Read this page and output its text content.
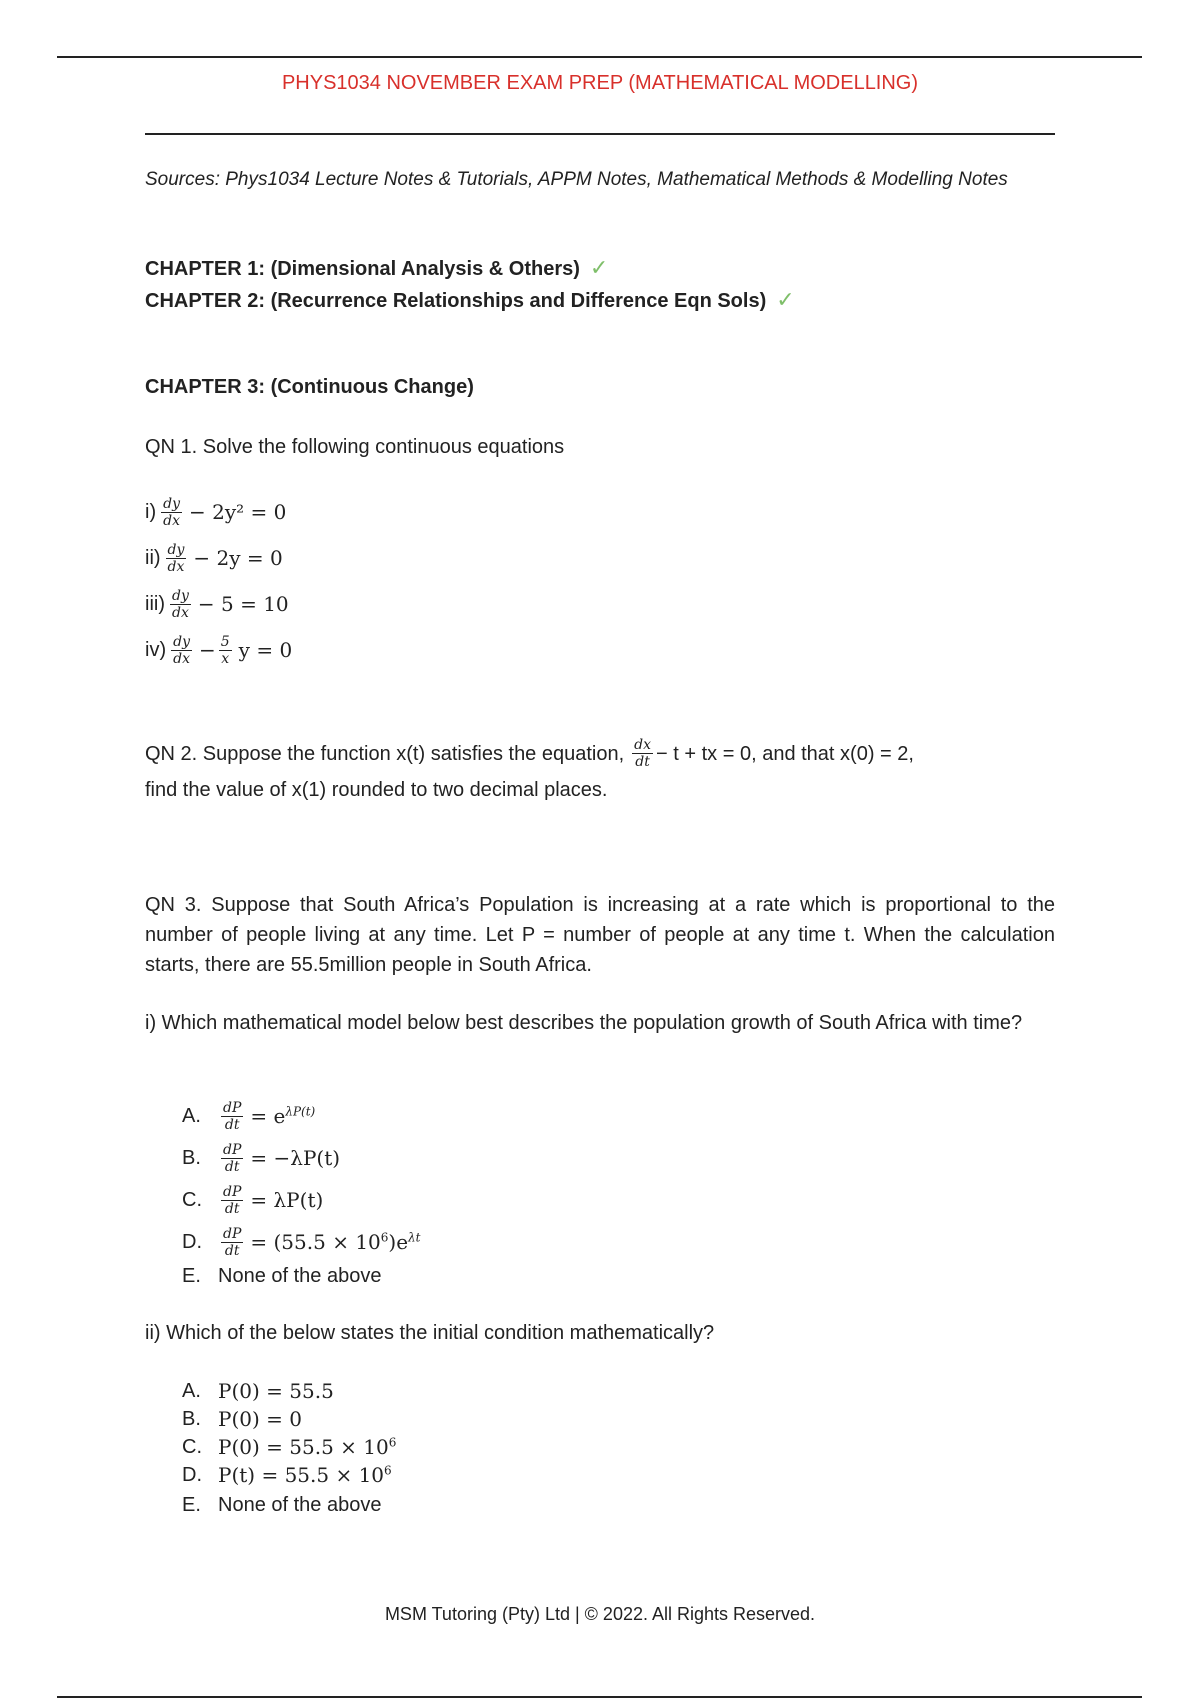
PHYS1034 NOVEMBER EXAM PREP (MATHEMATICAL MODELLING)
Sources: Phys1034 Lecture Notes & Tutorials, APPM Notes, Mathematical Methods & Modelling Notes
CHAPTER 1: (Dimensional Analysis & Others) ✓
CHAPTER 2: (Recurrence Relationships and Difference Eqn Sols) ✓
CHAPTER 3: (Continuous Change)
QN 1. Solve the following continuous equations
$i) \frac{dy}{dx} - 2y^2 = 0$
$ii) \frac{dy}{dx} - 2y = 0$
$iii) \frac{dy}{dx} - 5 = 10$
$iv) \frac{dy}{dx} - \frac{5}{x}$ y = 0
QN 2. Suppose the function x(t) satisfies the equation, $\frac{dx}{dt} - t$ + tx = 0, and that x(0) = 2,
find the value of x(1) rounded to two decimal places.
QN 3. Suppose that South Africa’s Population is increasing at a rate which is proportional to the number of people living at any time. Let P = number of people at any time t. When the calculation starts, there are 55.5million people in South Africa.
i) Which mathematical model below best describes the population growth of South Africa with time?
A.	$\frac{dP}{dt} = e^{\lambda P(t)}$
B.	$\frac{dP}{dt} = -\lambda P(t)$
C.	$\frac{dP}{dt} = \lambda P(t)$
D.	$\frac{dP}{dt} = (55.5 \times 10^6)e^{\lambda t}$
E. None of the above
ii) Which of the below states the initial condition mathematically?
A. P(0) = 55.5
B. P(0) = 0
C. $P(0) = 55.5 \times 10^6$
D. $P(t) = 55.5 \times 10^6$
E. None of the above
MSM Tutoring (Pty) Ltd | © 2022. All Rights Reserved.
